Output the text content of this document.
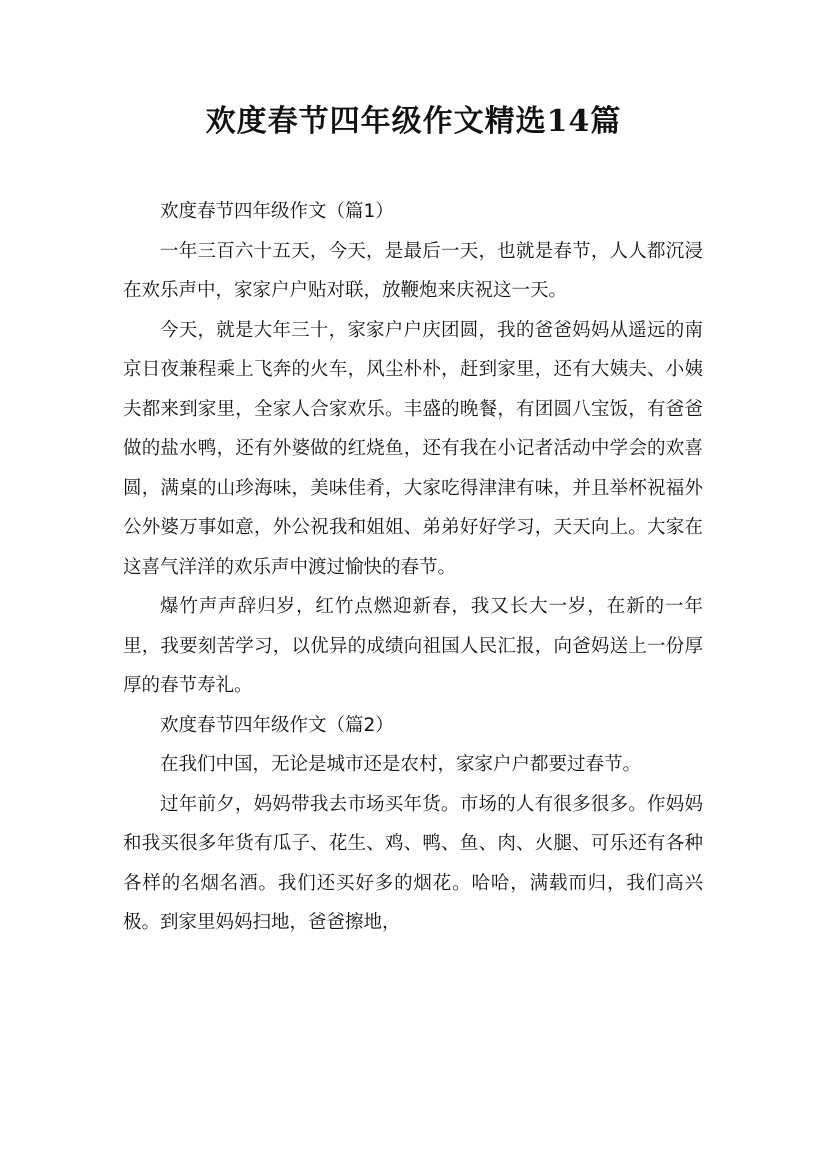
欢度春节四年级作文精选14篇

欢度春节四年级作文（篇1）

一年三百六十五天，今天，是最后一天，也就是春节，人人都沉浸在欢乐声中，家家户户贴对联，放鞭炮来庆祝这一天。

今天，就是大年三十，家家户户庆团圆，我的爸爸妈妈从遥远的南京日夜兼程乘上飞奔的火车，风尘朴朴，赶到家里，还有大姨夫、小姨夫都来到家里，全家人合家欢乐。丰盛的晚餐，有团圆八宝饭，有爸爸做的盐水鸭，还有外婆做的红烧鱼，还有我在小记者活动中学会的欢喜圆，满桌的山珍海味，美味佳肴，大家吃得津津有味，并且举杯祝福外公外婆万事如意，外公祝我和姐姐、弟弟好好学习，天天向上。大家在这喜气洋洋的欢乐声中渡过愉快的春节。

爆竹声声辞归岁，红竹点燃迎新春，我又长大一岁，在新的一年里，我要刻苦学习，以优异的成绩向祖国人民汇报，向爸妈送上一份厚厚的春节寿礼。

欢度春节四年级作文（篇2）

在我们中国，无论是城市还是农村，家家户户都要过春节。

过年前夕，妈妈带我去市场买年货。市场的人有很多很多。作妈妈和我买很多年货有瓜子、花生、鸡、鸭、鱼、肉、火腿、可乐还有各种各样的名烟名酒。我们还买好多的烟花。哈哈，满载而归，我们高兴极。到家里妈妈扫地，爸爸擦地，
